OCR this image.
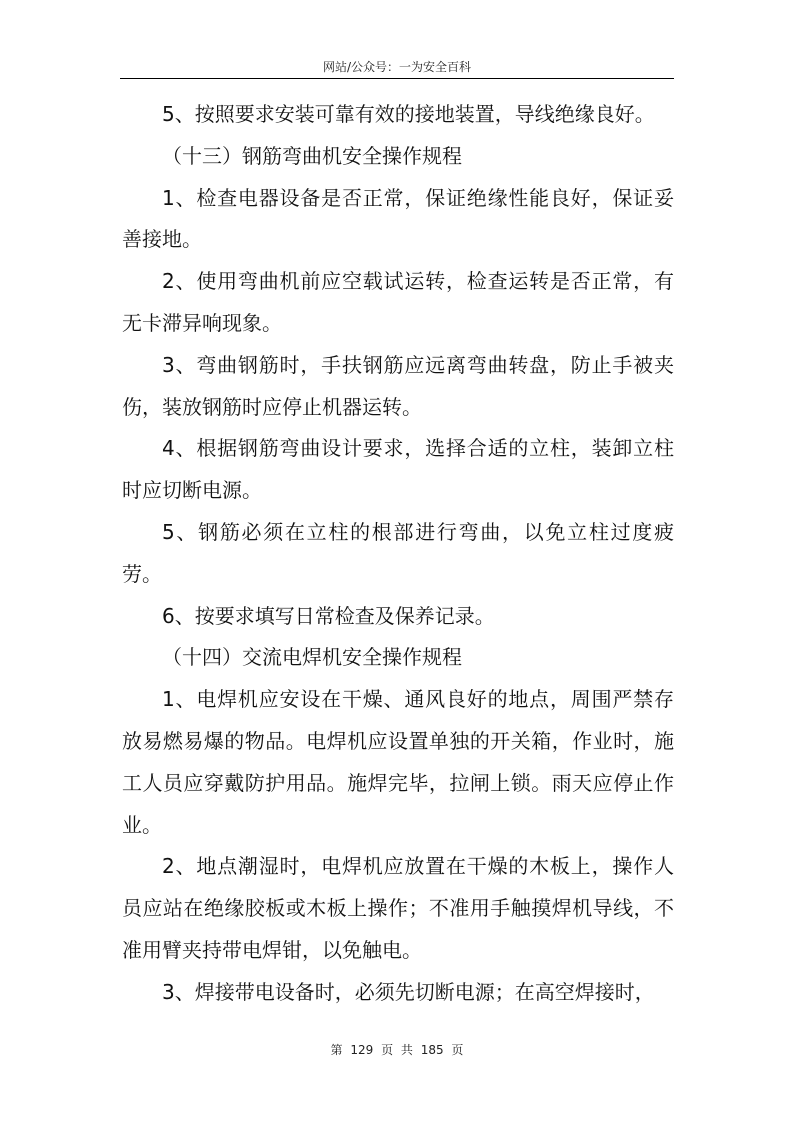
网站/公众号：一为安全百科

5、按照要求安装可靠有效的接地装置，导线绝缘良好。

（十三）钢筋弯曲机安全操作规程

1、检查电器设备是否正常，保证绝缘性能良好，保证妥善接地。

2、使用弯曲机前应空载试运转，检查运转是否正常，有无卡滞异响现象。

3、弯曲钢筋时，手扶钢筋应远离弯曲转盘，防止手被夹伤，装放钢筋时应停止机器运转。

4、根据钢筋弯曲设计要求，选择合适的立柱，装卸立柱时应切断电源。

5、钢筋必须在立柱的根部进行弯曲，以免立柱过度疲劳。

6、按要求填写日常检查及保养记录。

（十四）交流电焊机安全操作规程

1、电焊机应安设在干燥、通风良好的地点，周围严禁存放易燃易爆的物品。电焊机应设置单独的开关箱，作业时，施工人员应穿戴防护用品。施焊完毕，拉闸上锁。雨天应停止作业。

2、地点潮湿时，电焊机应放置在干燥的木板上，操作人员应站在绝缘胶板或木板上操作；不准用手触摸焊机导线，不准用臂夹持带电焊钳，以免触电。

3、焊接带电设备时，必须先切断电源；在高空焊接时，

第 129 页 共 185 页
